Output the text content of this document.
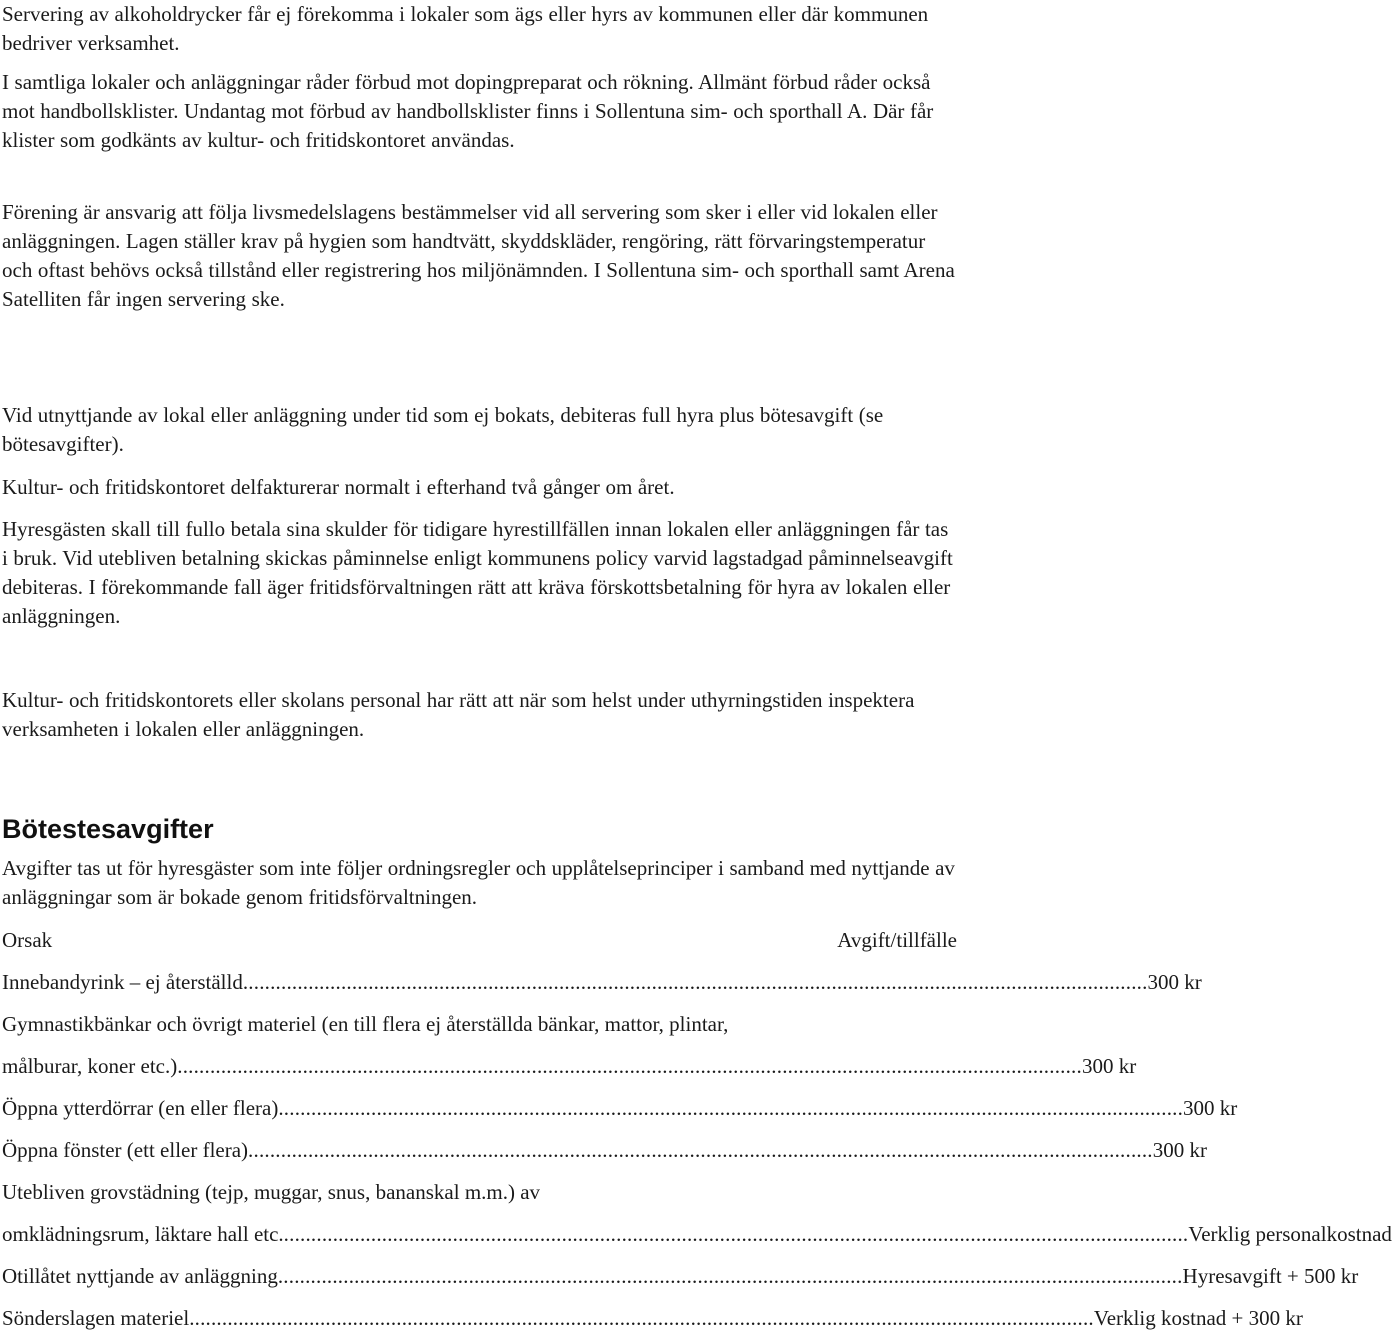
Servering av alkoholdrycker får ej förekomma i lokaler som ägs eller hyrs av kommunen eller där kommunen bedriver verksamhet.

I samtliga lokaler och anläggningar råder förbud mot dopingpreparat och rökning. Allmänt förbud råder också mot handbollsklister. Undantag mot förbud av handbollsklister finns i Sollentuna sim- och sporthall A. Där får klister som godkänts av kultur- och fritidskontoret användas.

Förening är ansvarig att följa livsmedelslagens bestämmelser vid all servering som sker i eller vid lokalen eller anläggningen. Lagen ställer krav på hygien som handtvätt, skyddskläder, rengöring, rätt förvaringstemperatur och oftast behövs också tillstånd eller registrering hos miljönämnden. I Sollentuna sim- och sporthall samt Arena Satelliten får ingen servering ske.

Vid utnyttjande av lokal eller anläggning under tid som ej bokats, debiteras full hyra plus bötesavgift (se bötesavgifter).

Kultur- och fritidskontoret delfakturerar normalt i efterhand två gånger om året.

Hyresgästen skall till fullo betala sina skulder för tidigare hyrestillfällen innan lokalen eller anläggningen får tas i bruk. Vid utebliven betalning skickas påminnelse enligt kommunens policy varvid lagstadgad påminnelseavgift debiteras. I förekommande fall äger fritidsförvaltningen rätt att kräva förskottsbetalning för hyra av lokalen eller anläggningen.

Kultur- och fritidskontorets eller skolans personal har rätt att när som helst under uthyrningstiden inspektera verksamheten i lokalen eller anläggningen.

Bötestesavgifter

Avgifter tas ut för hyresgäster som inte följer ordningsregler och upplåtelseprinciper i samband med nyttjande av anläggningar som är bokade genom fritidsförvaltningen.

Orsak	Avgift/tillfälle
Innebandyrink – ej återställd ...................................................................................................................................................................... 300 kr
Gymnastikbänkar och övrigt materiel (en till flera ej återställda bänkar, mattor, plintar,
målburar, koner etc.) ...................................................................................................................................................................... 300 kr
Öppna ytterdörrar (en eller flera) ...................................................................................................................................................................... 300 kr
Öppna fönster (ett eller flera) ...................................................................................................................................................................... 300 kr
Utebliven grovstädning (tejp, muggar, snus, bananskal m.m.) av
omklädningsrum, läktare hall etc. ...................................................................................................................................................................... Verklig personalkostnad
Otillåtet nyttjande av anläggning ...................................................................................................................................................................... Hyresavgift + 500 kr
Sönderslagen materiel ...................................................................................................................................................................... Verklig kostnad + 300 kr
